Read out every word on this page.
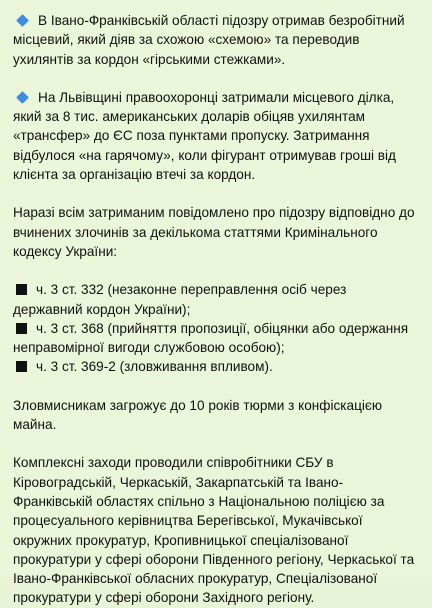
В Івано-Франківській області підозру отримав безробітний місцевий, який діяв за схожою «схемою» та переводив ухилянтів за кордон «гірськими стежками».
На Львівщині правоохоронці затримали місцевого ділка, який за 8 тис. американських доларів обіцяв ухилянтам «трансфер» до ЄС поза пунктами пропуску. Затримання відбулося «на гарячому», коли фігурант отримував гроші від клієнта за організацію втечі за кордон.
Наразі всім затриманим повідомлено про підозру відповідно до вчинених злочинів за декількома статтями Кримінального кодексу України:
ч. 3 ст. 332 (незаконне переправлення осіб через державний кордон України);
ч. 3 ст. 368 (прийняття пропозиції, обіцянки або одержання неправомірної вигоди службовою особою);
ч. 3 ст. 369-2 (зловживання впливом).
Зловмисникам загрожує до 10 років тюрми з конфіскацією майна.
Комплексні заходи проводили співробітники СБУ в Кіровоградській, Черкаській, Закарпатській та Івано-Франківській областях спільно з Національною поліцією за процесуального керівництва Берегівської, Мукачівської окружних прокуратур, Кропивницької спеціалізованої прокуратури у сфері оборони Південного регіону, Черкаської та Івано-Франківської обласних прокуратур, Спеціалізованої прокуратури у сфері оборони Західного регіону.
